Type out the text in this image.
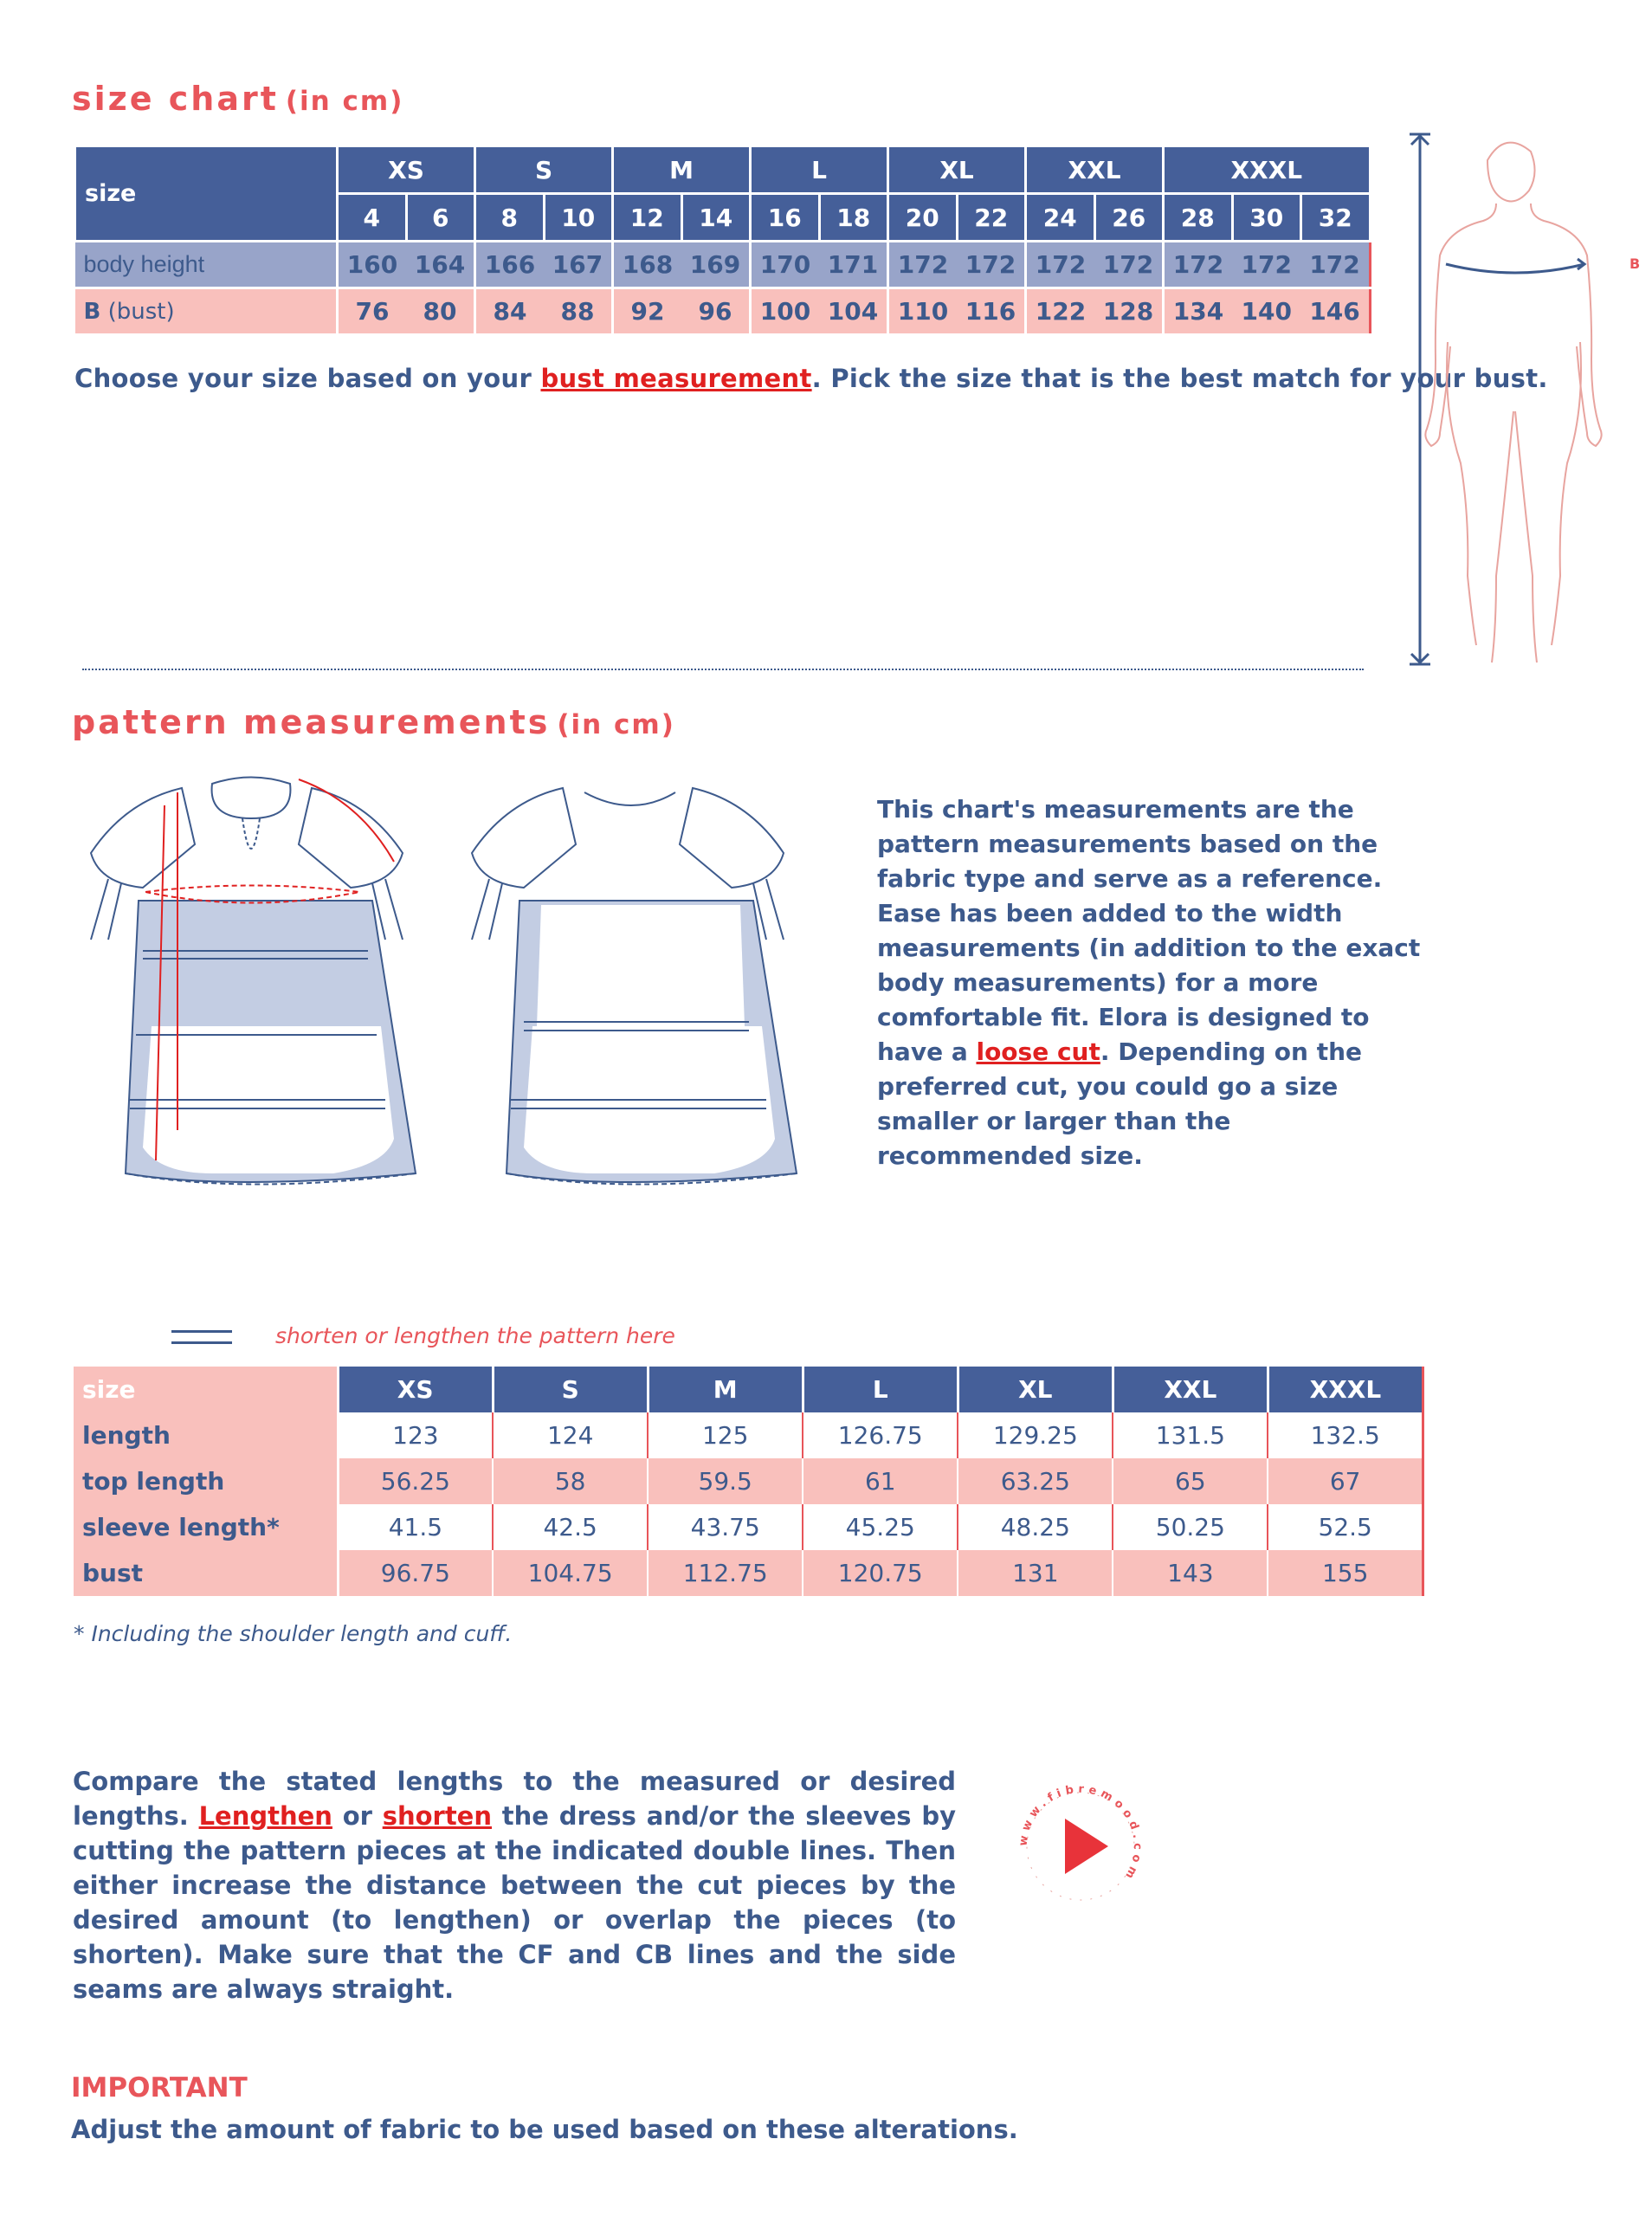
size chart (in cm)
size	XS		S		M		L		XL		XXL		XXXL		
	4	6	8	10	12	14	16	18	20	22	24	26	28	30	32
body height	160	164	166	167	168	169	170	171	172	172	172	172	172	172	172
B (bust)	76	80	84	88	92	96	100	104	110	116	122	128	134	140	146
Choose your size based on your bust measurement. Pick the size that is the best match for your bust.
B
pattern measurements (in cm)
This chart's measurements are the pattern measurements based on the fabric type and serve as a reference. Ease has been added to the width measurements (in addition to the exact body measurements) for a more comfortable fit. Elora is designed to have a loose cut. Depending on the preferred cut, you could go a size smaller or larger than the recommended size.
shorten or lengthen the pattern here
size	XS	S	M	L	XL	XXL	XXXL
length	123	124	125	126.75	129.25	131.5	132.5
top length	56.25	58	59.5	61	63.25	65	67
sleeve length*	41.5	42.5	43.75	45.25	48.25	50.25	52.5
bust	96.75	104.75	112.75	120.75	131	143	155
* Including the shoulder length and cuff.
Compare the stated lengths to the measured or desired lengths. Lengthen or shorten the dress and/or the sleeves by cutting the pattern pieces at the indicated double lines. Then either increase the distance between the cut pieces by the desired amount (to lengthen) or overlap the pieces (to shorten). Make sure that the CF and CB lines and the side seams are always straight.
www.fibremood.com
IMPORTANT
Adjust the amount of fabric to be used based on these alterations.
